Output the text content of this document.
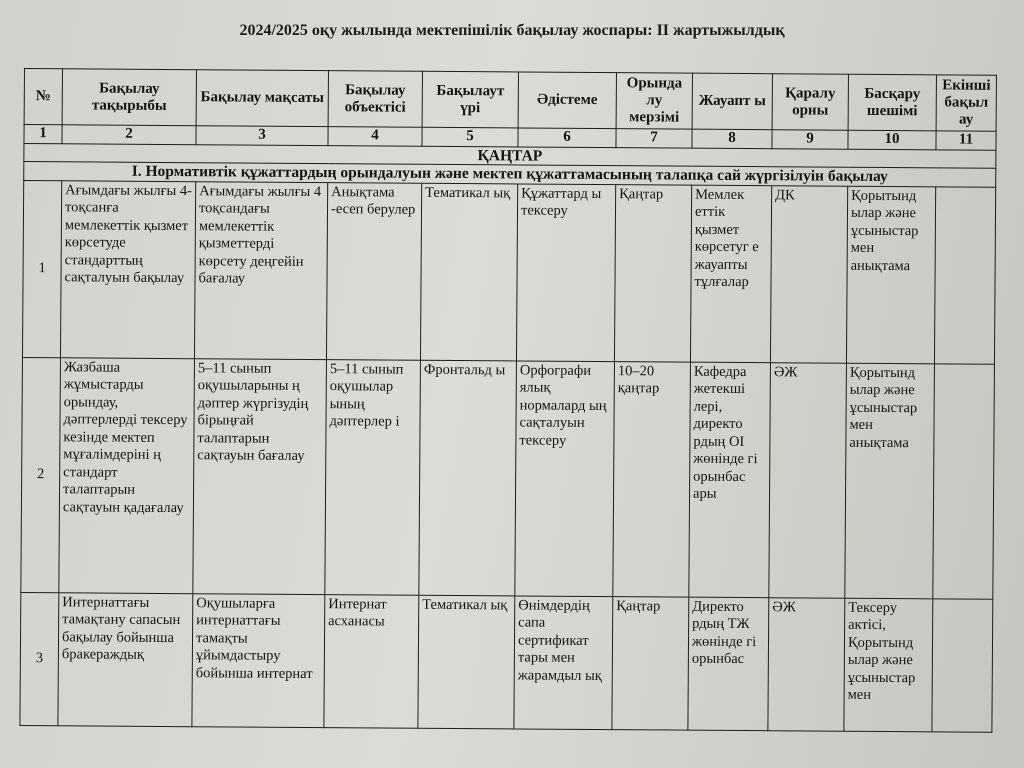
2024/2025 оқу жылында мектепішілік бақылау жоспары: ІІ жартыжылдық
№	Бақылау тақырыбы	Бақылау мақсаты	Бақылау объектісі	Бақылаут үрі	Әдістеме	Орында лу мерзімі	Жауапт ы	Қаралу орны	Басқару шешімі	Екінші бақыл ау
1	2	3	4	5	6	7	8	9	10	11
ҚАҢТАР										
I. Нормативтік құжаттардың орындалуын және мектеп құжаттамасының талапқа сай жүргізілуін бақылау										
1	Ағымдағы жылғы 4-тоқсанға мемлекеттік қызмет көрсетуде стандарттың сақталуын бақылау	Ағымдағы жылғы 4 тоқсандағы мемлекеттік қызметтерді көрсету деңгейін бағалау	Анықтама -есеп берулер	Тематикал ық	Құжаттард ы тексеру	Қаңтар	Мемлек еттік қызмет көрсетуг е жауапты тұлғалар	ДК	Қорытынд ылар және ұсыныстар мен анықтама	
2	Жазбаша жұмыстарды орындау, дәптерлерді тексеру кезінде мектеп мұғалімдеріні ң стандарт талаптарын сақтауын қадағалау	5–11 сынып оқушыларыны ң дәптер жүргізудің бірыңғай талаптарын сақтауын бағалау	5–11 сынып оқушылар ының дәптерлер і	Фронтальд ы	Орфографи ялық нормалард ың сақталуын тексеру	10–20 қаңтар	Кафедра жетекші лері, директо рдың ОІ жөнінде гі орынбас ары	ӘЖ	Қорытынд ылар және ұсыныстар мен анықтама	
3	Интернаттағы тамақтану сапасын бақылау бойынша бракераждық	Оқушыларға интернаттағы тамақты ұйымдастыру бойынша интернат	Интернат асханасы	Тематикал ық	Өнімдердің сапа сертификат тары мен жарамдыл ық	Қаңтар	Директо рдың ТЖ жөнінде гі орынбас	ӘЖ	Тексеру актісі, Қорытынд ылар және ұсыныстар мен	
